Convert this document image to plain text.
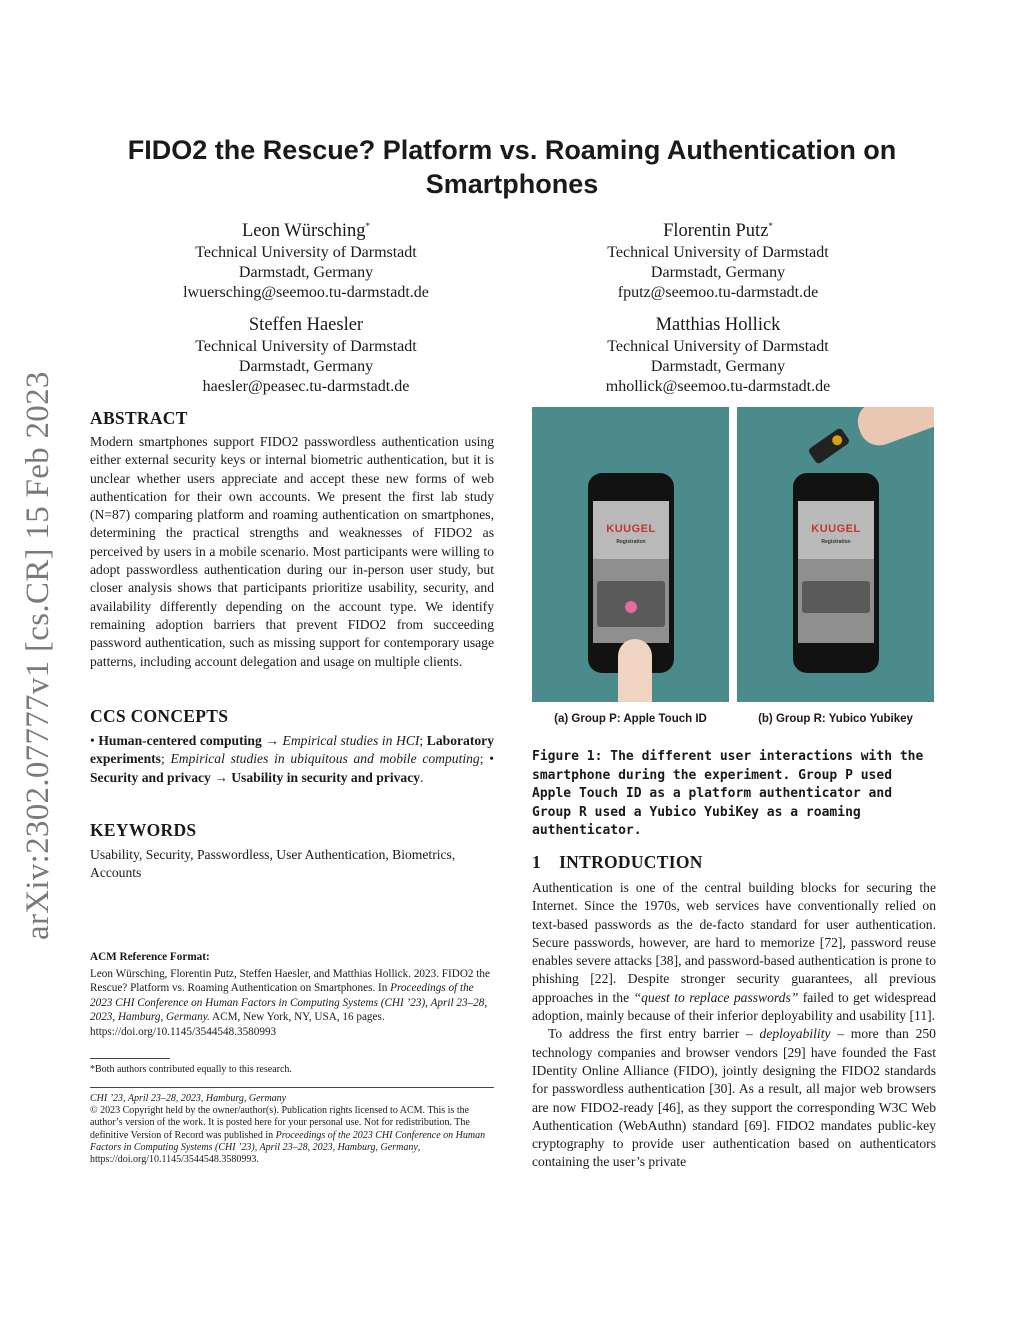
arXiv:2302.07777v1 [cs.CR] 15 Feb 2023
FIDO2 the Rescue? Platform vs. Roaming Authentication on Smartphones
Leon Würsching*
Technical University of Darmstadt
Darmstadt, Germany
lwuersching@seemoo.tu-darmstadt.de
Florentin Putz*
Technical University of Darmstadt
Darmstadt, Germany
fputz@seemoo.tu-darmstadt.de
Steffen Haesler
Technical University of Darmstadt
Darmstadt, Germany
haesler@peasec.tu-darmstadt.de
Matthias Hollick
Technical University of Darmstadt
Darmstadt, Germany
mhollick@seemoo.tu-darmstadt.de
ABSTRACT

Modern smartphones support FIDO2 passwordless authentication using either external security keys or internal biometric authentication, but it is unclear whether users appreciate and accept these new forms of web authentication for their own accounts. We present the first lab study (N=87) comparing platform and roaming authentication on smartphones, determining the practical strengths and weaknesses of FIDO2 as perceived by users in a mobile scenario. Most participants were willing to adopt passwordless authentication during our in-person user study, but closer analysis shows that participants prioritize usability, security, and availability differently depending on the account type. We identify remaining adoption barriers that prevent FIDO2 from succeeding password authentication, such as missing support for contemporary usage patterns, including account delegation and usage on multiple clients.

CCS CONCEPTS

• Human-centered computing → Empirical studies in HCI; Laboratory experiments; Empirical studies in ubiquitous and mobile computing; • Security and privacy → Usability in security and privacy.

KEYWORDS

Usability, Security, Passwordless, User Authentication, Biometrics, Accounts

ACM Reference Format:

Leon Würsching, Florentin Putz, Steffen Haesler, and Matthias Hollick. 2023. FIDO2 the Rescue? Platform vs. Roaming Authentication on Smartphones. In Proceedings of the 2023 CHI Conference on Human Factors in Computing Systems (CHI ’23), April 23–28, 2023, Hamburg, Germany. ACM, New York, NY, USA, 16 pages. https://doi.org/10.1145/3544548.3580993

*Both authors contributed equally to this research.
CHI ’23, April 23–28, 2023, Hamburg, Germany
© 2023 Copyright held by the owner/author(s). Publication rights licensed to ACM. This is the author’s version of the work. It is posted here for your personal use. Not for redistribution. The definitive Version of Record was published in Proceedings of the 2023 CHI Conference on Human Factors in Computing Systems (CHI ’23), April 23–28, 2023, Hamburg, Germany, https://doi.org/10.1145/3544548.3580993.
KUUGEL
Registration
KUUGEL
Registration
(a) Group P: Apple Touch ID	(b) Group R: Yubico Yubikey
Figure 1: The different user interactions with the smartphone during the experiment. Group P used Apple Touch ID as a platform authenticator and Group R used a Yubico YubiKey as a roaming authenticator.
1 INTRODUCTION

Authentication is one of the central building blocks for securing the Internet. Since the 1970s, web services have conventionally relied on text-based passwords as the de-facto standard for user authentication. Secure passwords, however, are hard to memorize [72], password reuse enables severe attacks [38], and password-based authentication is prone to phishing [22]. Despite stronger security guarantees, all previous approaches in the “quest to replace passwords” failed to get widespread adoption, mainly because of their inferior deployability and usability [11].

To address the first entry barrier – deployability – more than 250 technology companies and browser vendors [29] have founded the Fast IDentity Online Alliance (FIDO), jointly designing the FIDO2 standards for passwordless authentication [30]. As a result, all major web browsers are now FIDO2-ready [46], as they support the corresponding W3C Web Authentication (WebAuthn) standard [69]. FIDO2 mandates public-key cryptography to provide user authentication based on authenticators containing the user’s private
